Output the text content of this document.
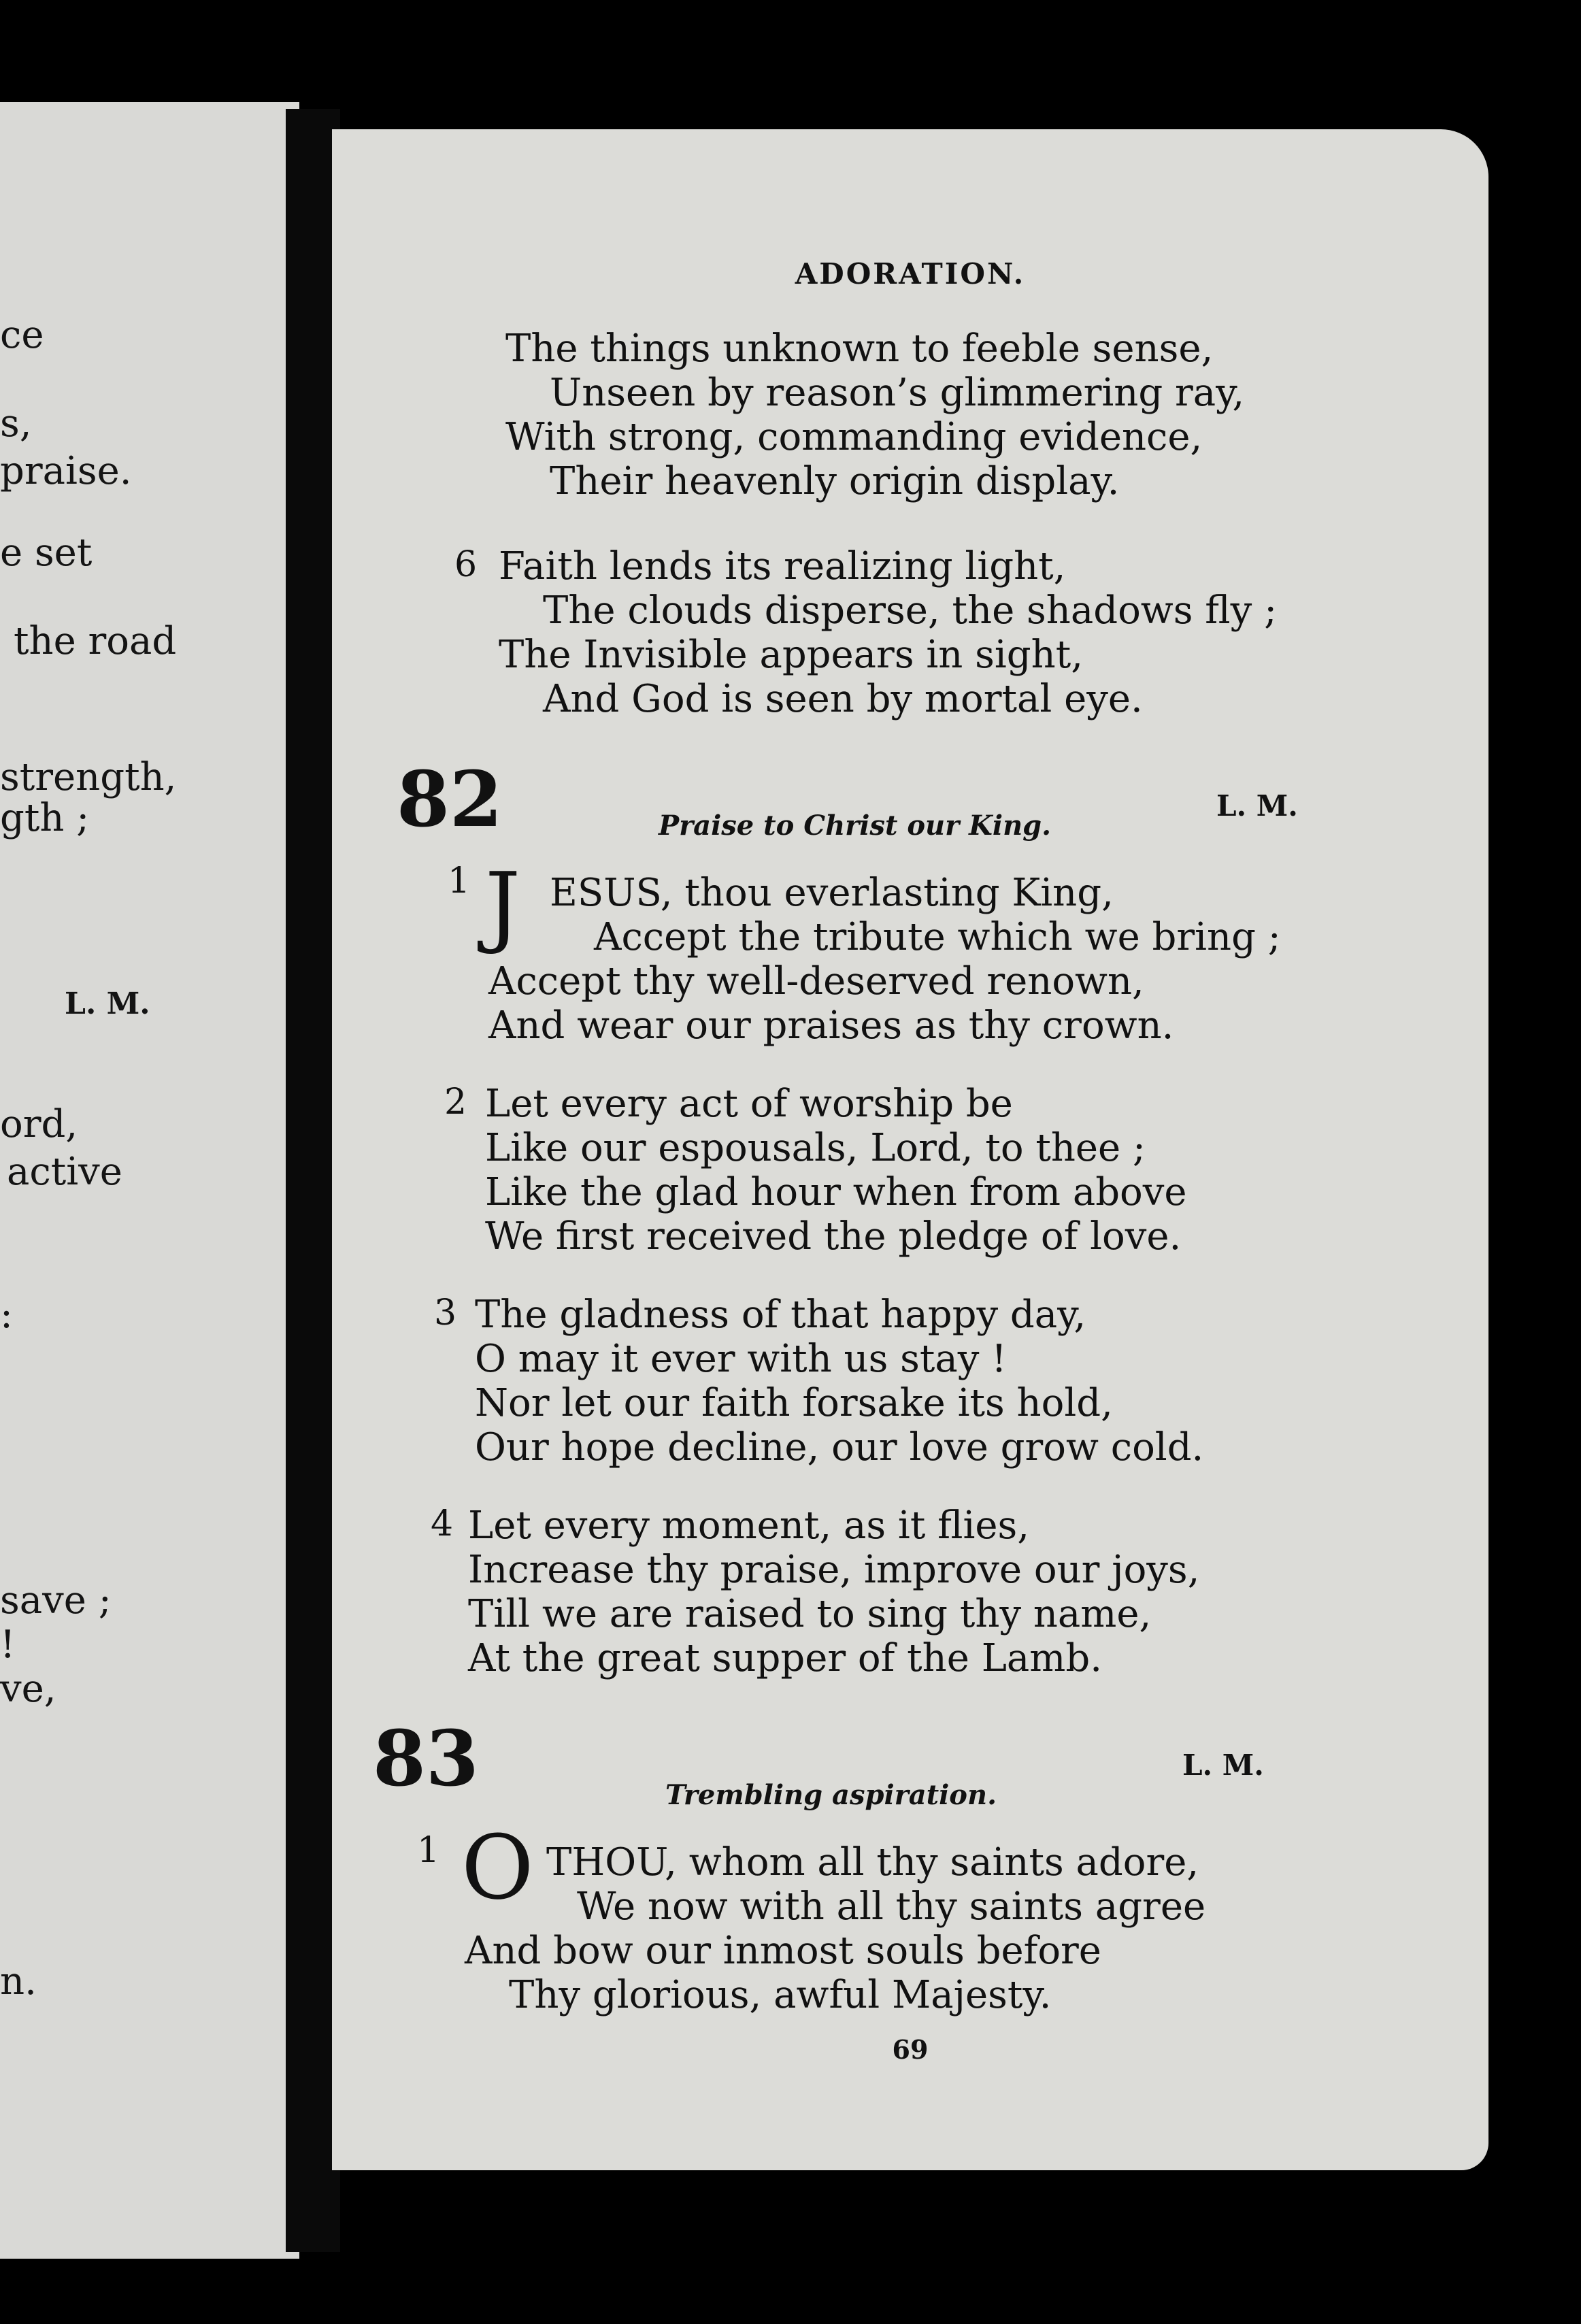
ce
s,
praise.
e set
the road
strength,
gth ;
L. M.
ord,
active
:
save ;
!
ve,
n.
ADORATION.
The things unknown to feeble sense,
Unseen by reason’s glimmering ray,
With strong, commanding evidence,
Their heavenly origin display.
6 Faith lends its realizing light,
The clouds disperse, the shadows fly ;
The Invisible appears in sight,
And God is seen by mortal eye.
82	Praise to Christ our King.
L. M.
1 J ESUS, thou everlasting King,
Accept the tribute which we bring ;
Accept thy well-deserved renown,
And wear our praises as thy crown.
2 Let every act of worship be
Like our espousals, Lord, to thee ;
Like the glad hour when from above
We first received the pledge of love.
3 The gladness of that happy day,
O may it ever with us stay !
Nor let our faith forsake its hold,
Our hope decline, our love grow cold.
4 Let every moment, as it flies,
Increase thy praise, improve our joys,
Till we are raised to sing thy name,
At the great supper of the Lamb.
83	L. M.
Trembling aspiration.
1 O THOU, whom all thy saints adore,
We now with all thy saints agree
And bow our inmost souls before
Thy glorious, awful Majesty.
69
